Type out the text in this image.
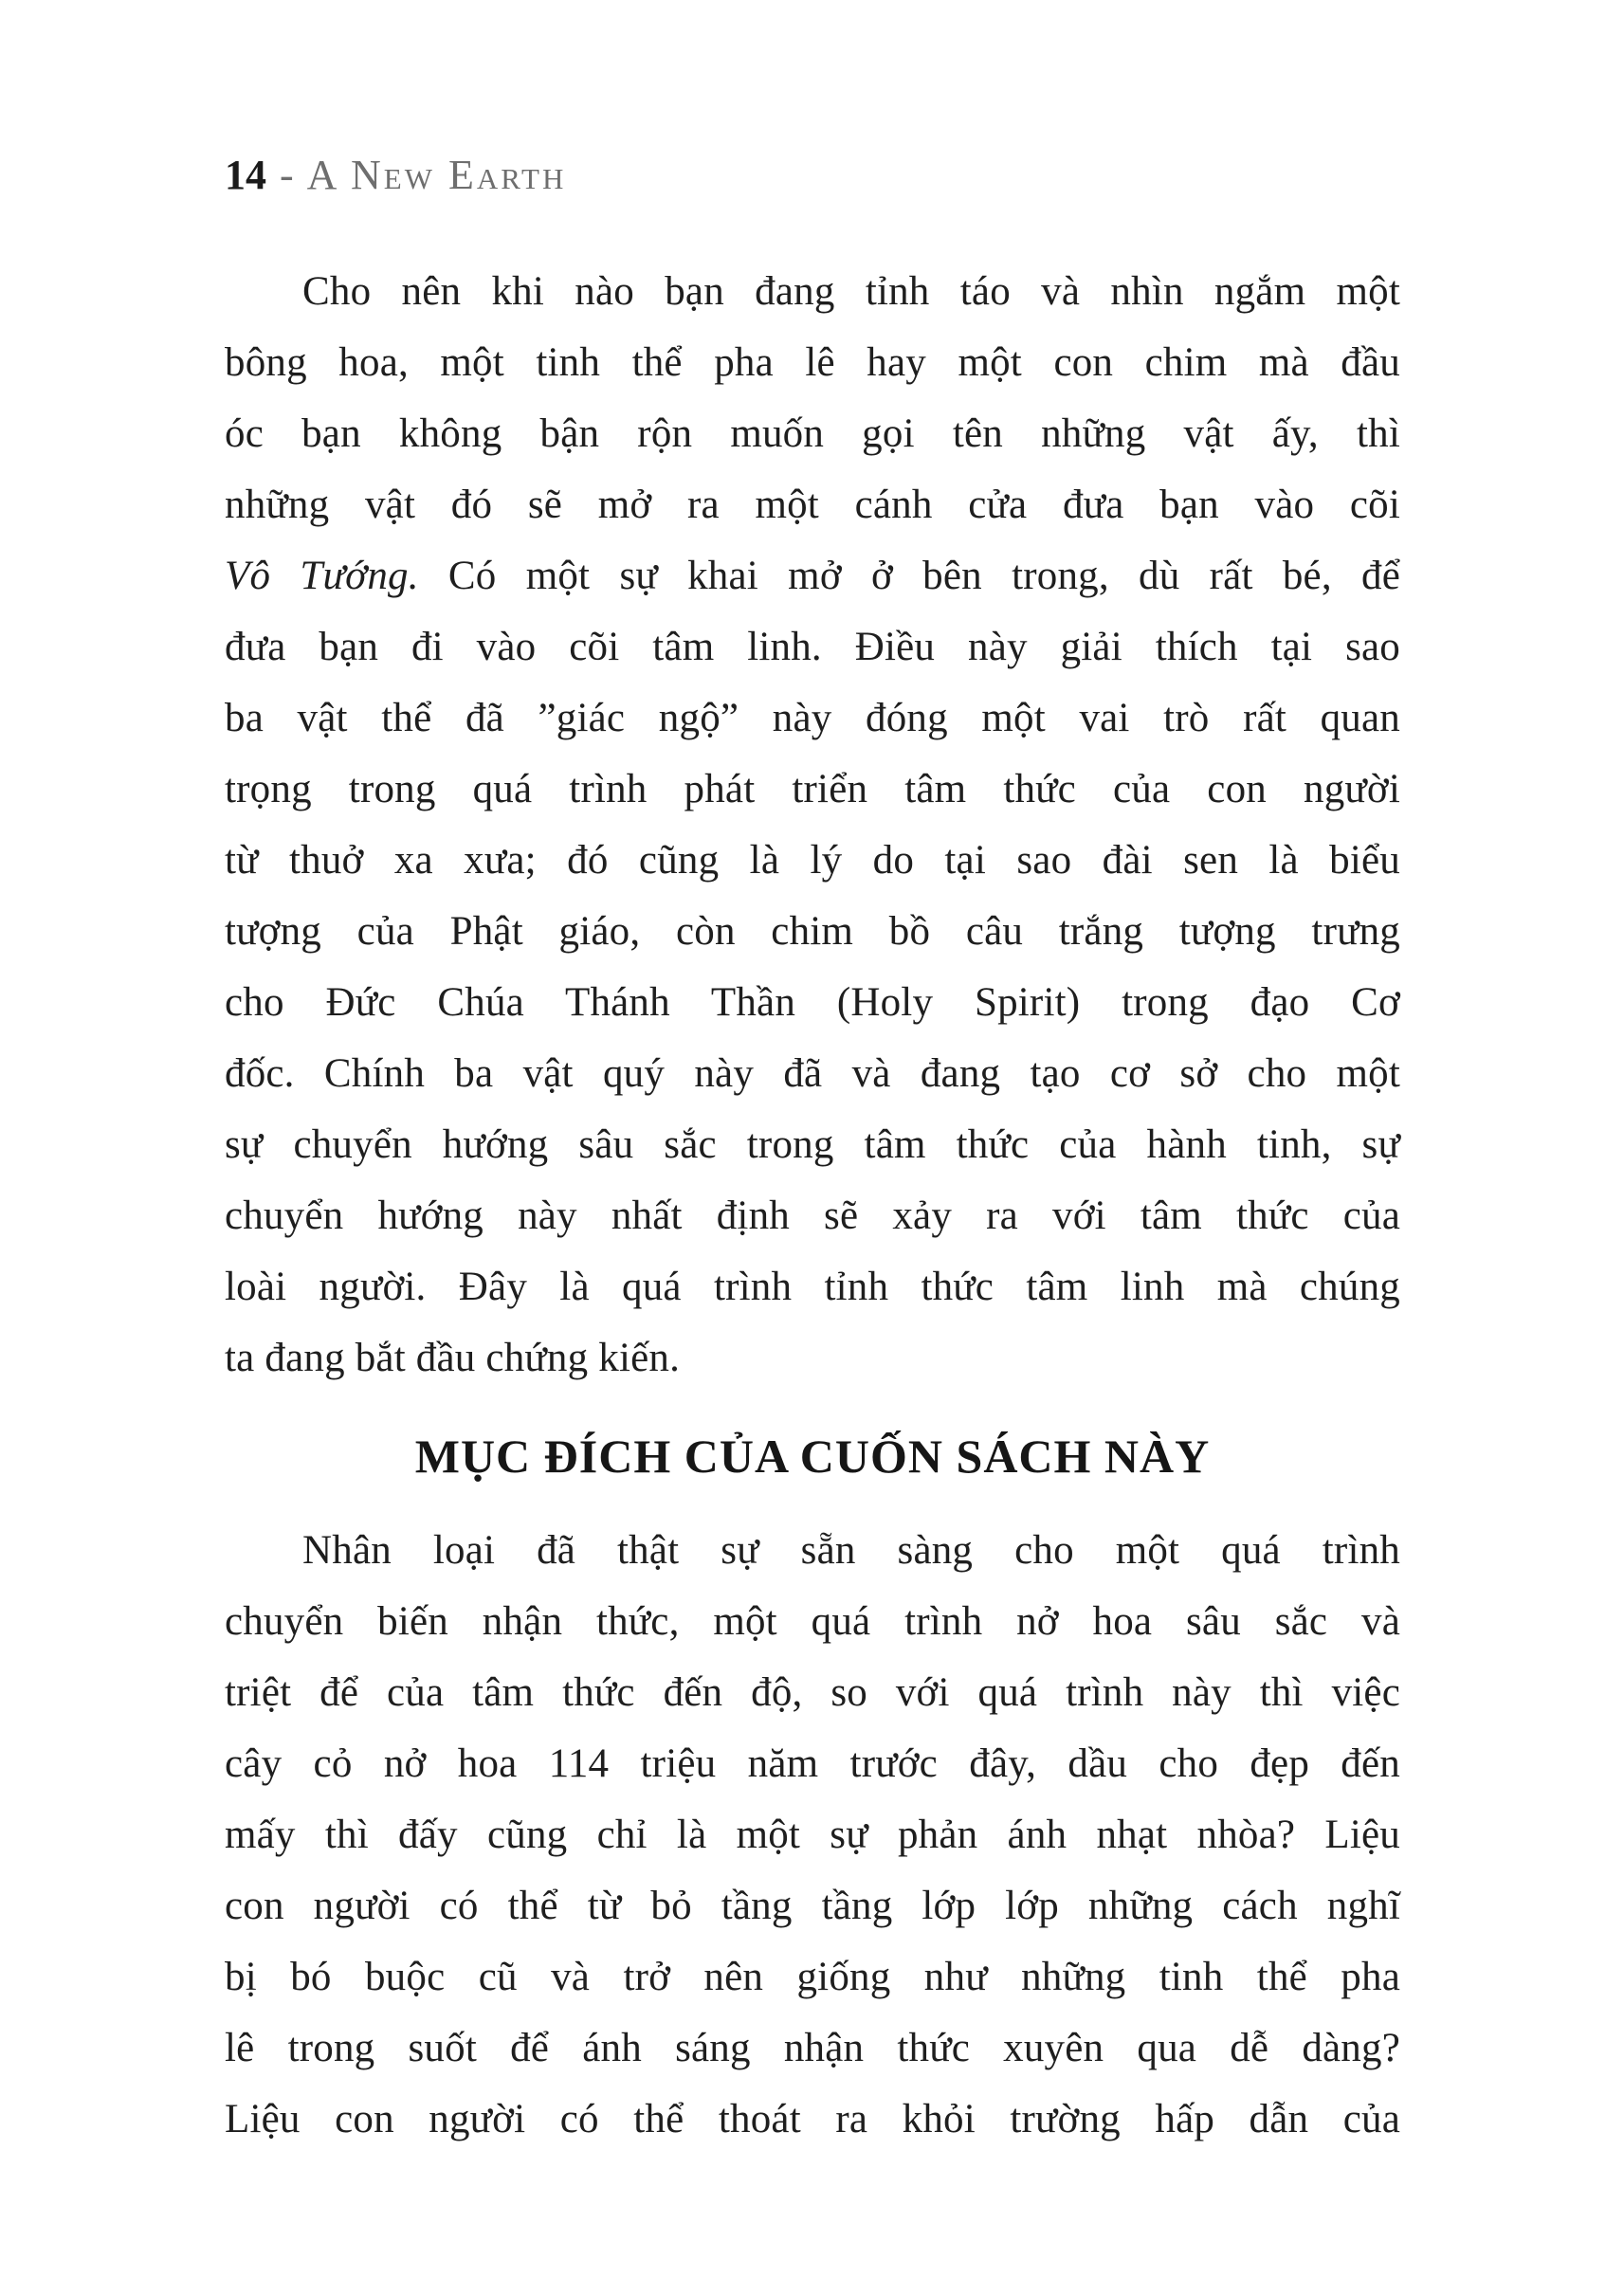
14 - A New Earth
Cho nên khi nào bạn đang tỉnh táo và nhìn ngắm một
bông hoa, một tinh thể pha lê hay một con chim mà đầu
óc bạn không bận rộn muốn gọi tên những vật ấy, thì
những vật đó sẽ mở ra một cánh cửa đưa bạn vào cõi
Vô Tướng. Có một sự khai mở ở bên trong, dù rất bé, để
đưa bạn đi vào cõi tâm linh. Điều này giải thích tại sao
ba vật thể đã ”giác ngộ” này đóng một vai trò rất quan
trọng trong quá trình phát triển tâm thức của con người
từ thuở xa xưa; đó cũng là lý do tại sao đài sen là biểu
tượng của Phật giáo, còn chim bồ câu trắng tượng trưng
cho Đức Chúa Thánh Thần (Holy Spirit) trong đạo Cơ
đốc. Chính ba vật quý này đã và đang tạo cơ sở cho một
sự chuyển hướng sâu sắc trong tâm thức của hành tinh, sự
chuyển hướng này nhất định sẽ xảy ra với tâm thức của
loài người. Đây là quá trình tỉnh thức tâm linh mà chúng
ta đang bắt đầu chứng kiến.
MỤC ĐÍCH CỦA CUỐN SÁCH NÀY
Nhân loại đã thật sự sẵn sàng cho một quá trình
chuyển biến nhận thức, một quá trình nở hoa sâu sắc và
triệt để của tâm thức đến độ, so với quá trình này thì việc
cây cỏ nở hoa 114 triệu năm trước đây, dầu cho đẹp đến
mấy thì đấy cũng chỉ là một sự phản ánh nhạt nhòa? Liệu
con người có thể từ bỏ tầng tầng lớp lớp những cách nghĩ
bị bó buộc cũ và trở nên giống như những tinh thể pha
lê trong suốt để ánh sáng nhận thức xuyên qua dễ dàng?
Liệu con người có thể thoát ra khỏi trường hấp dẫn của
